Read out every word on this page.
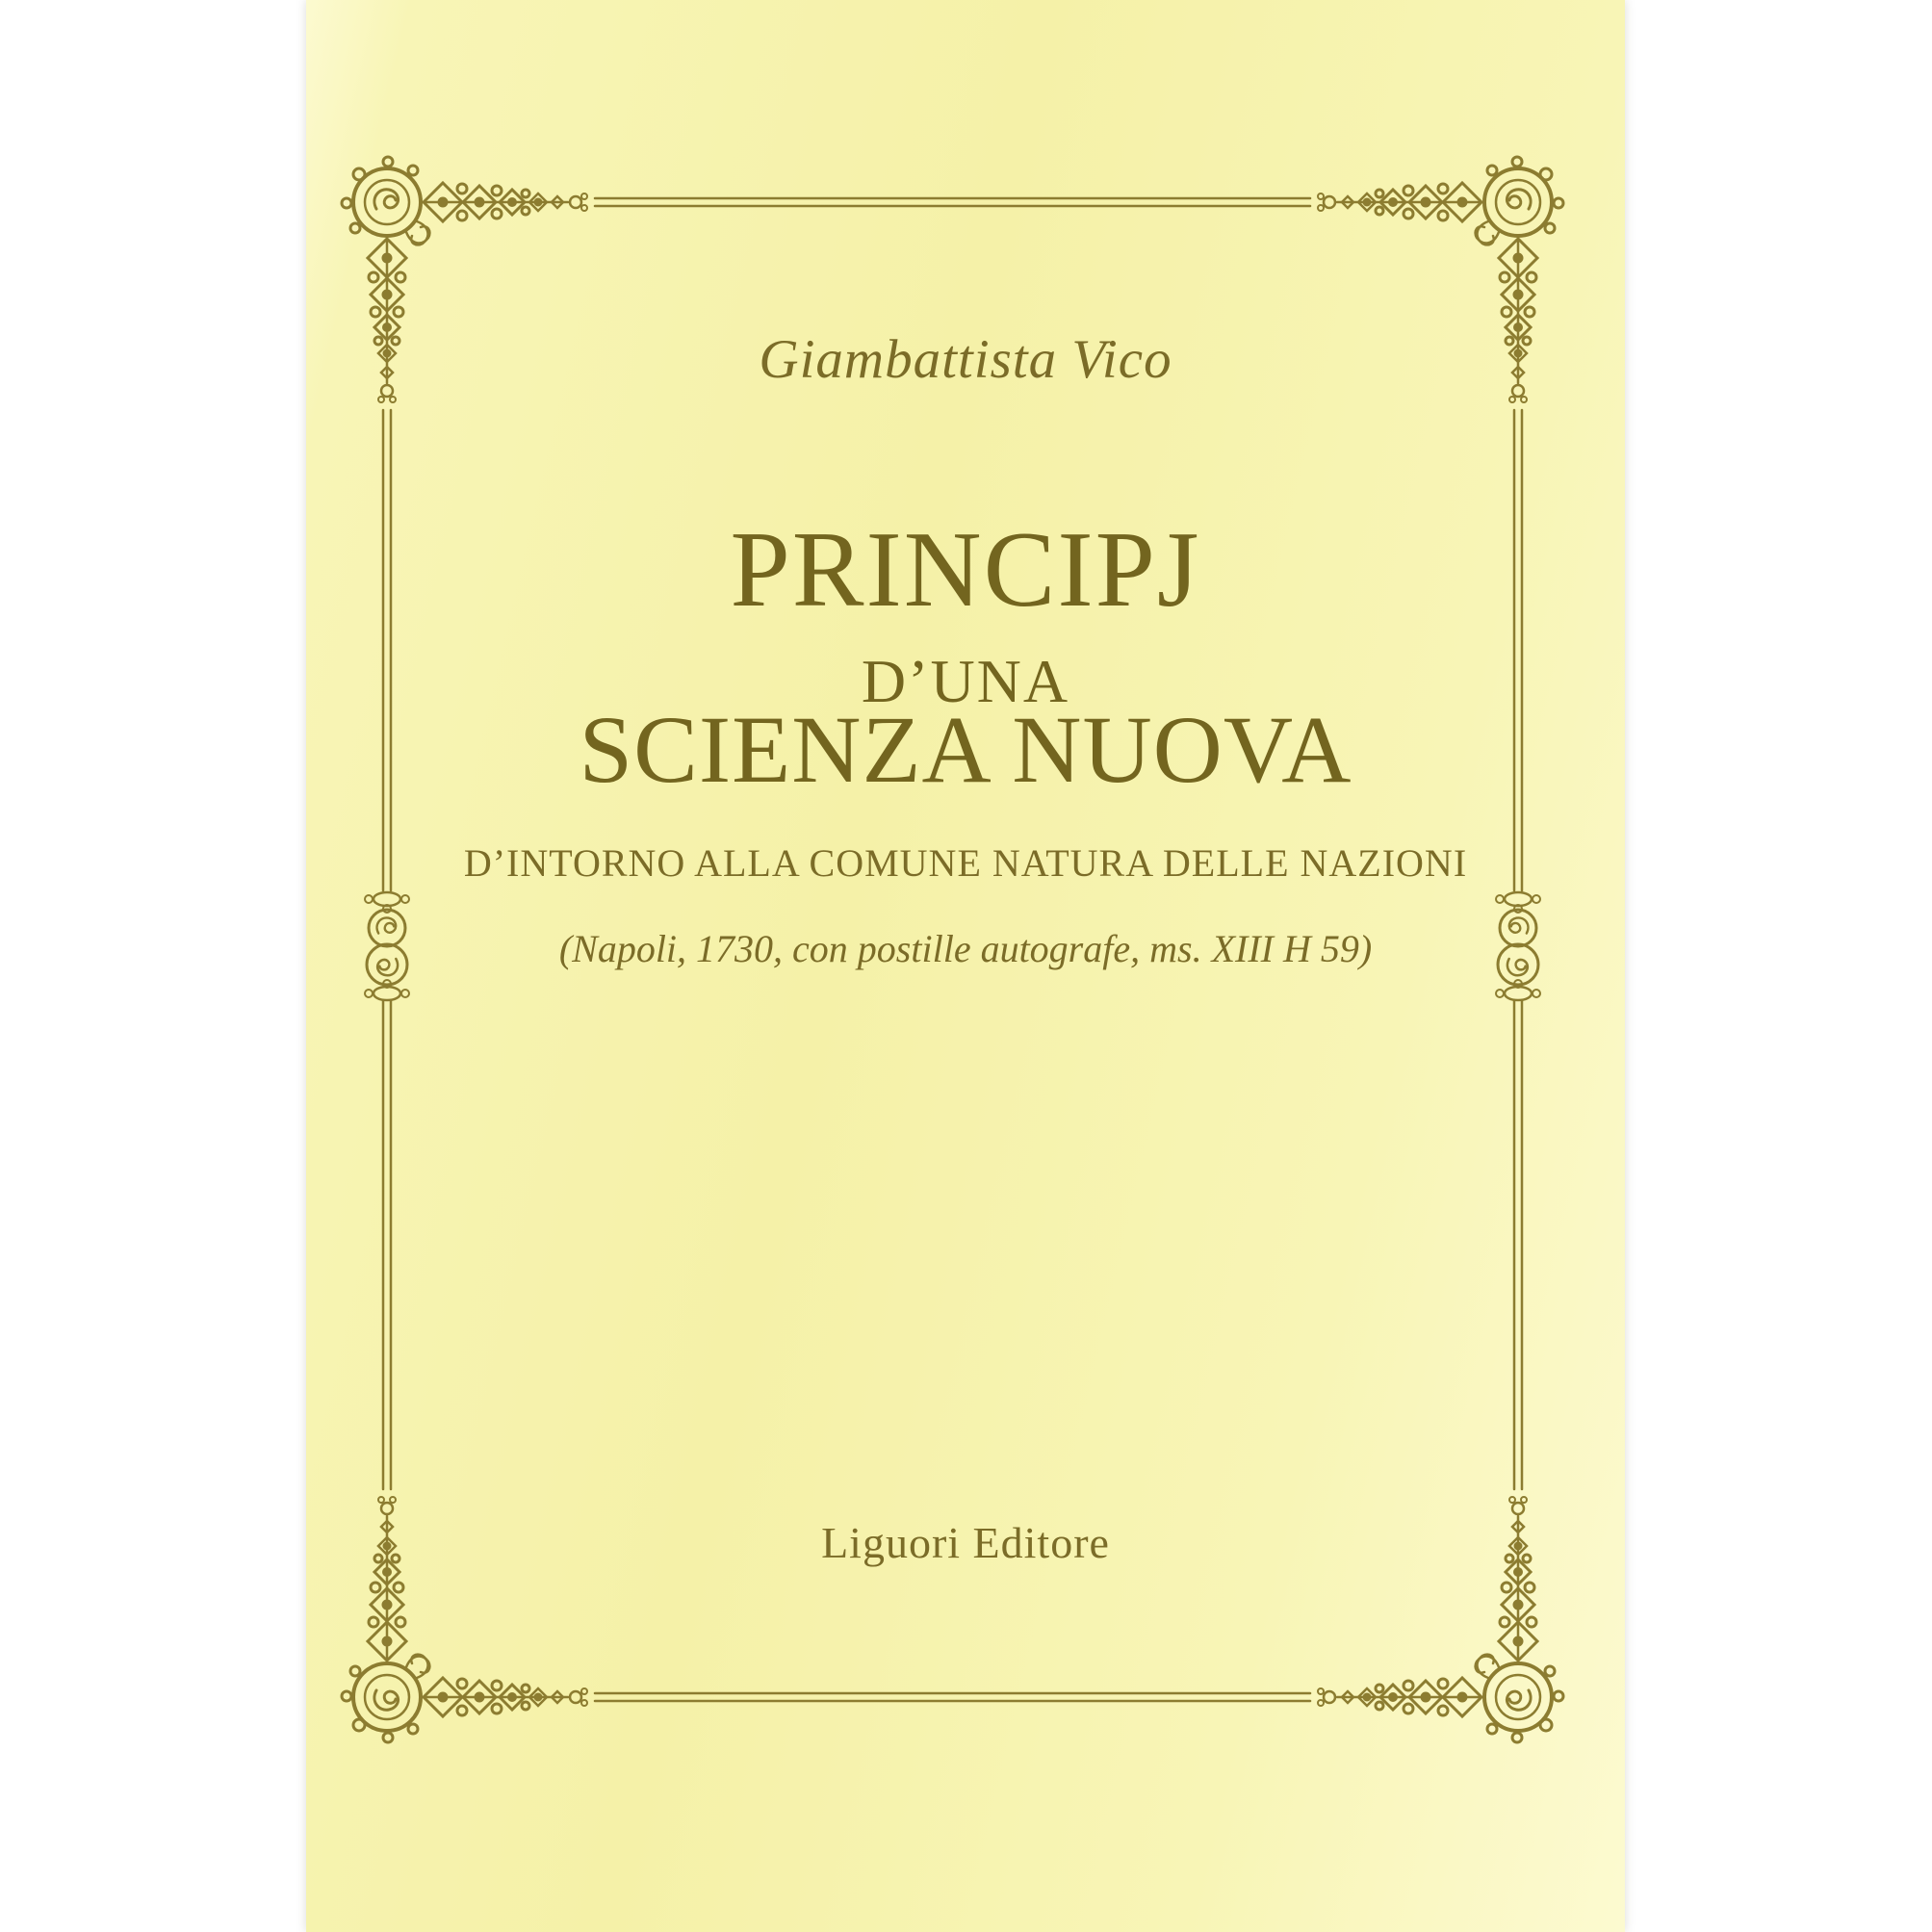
Giambattista Vico
PRINCIPJ
D’UNA
SCIENZA NUOVA
D’INTORNO ALLA COMUNE NATURA DELLE NAZIONI
(Napoli, 1730, con postille autografe, ms. XIII H 59)
Liguori Editore
